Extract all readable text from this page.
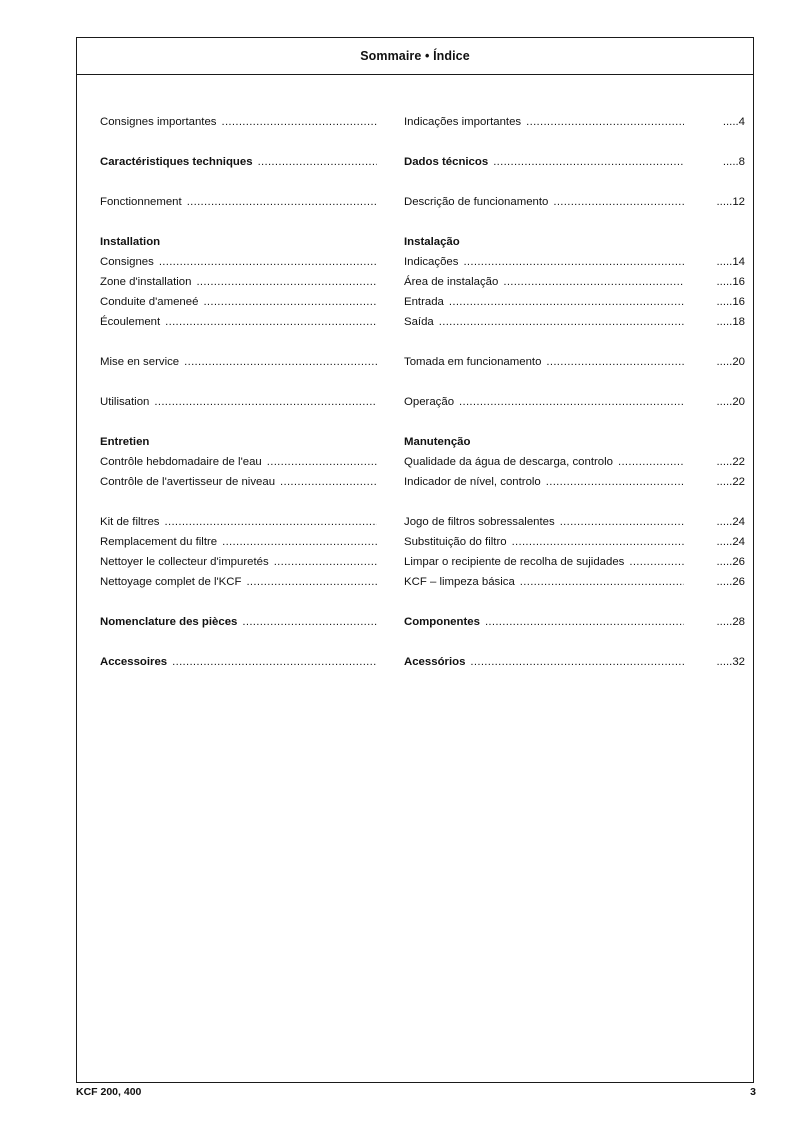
Sommaire • Índice
Consignes importantes .....	Indicações importantes .....	.....4
Caractéristiques techniques .....	Dados técnicos .....	.....8
Fonctionnement .....	Descrição de funcionamento .....	.....12
Installation	Instalação
Consignes .....	Indicações .....	.....14
Zone d'installation .....	Área de instalação .....	.....16
Conduite d'ameneé .....	Entrada .....	.....16
Écoulement .....	Saída .....	.....18
Mise en service .....	Tomada em funcionamento .....	.....20
Utilisation .....	Operação .....	.....20
Entretien	Manutenção
Contrôle hebdomadaire de l'eau .....	Qualidade da água de descarga, controlo .....	.....22
Contrôle de l'avertisseur de niveau .....	Indicador de nível, controlo .....	.....22
Kit de filtres .....	Jogo de filtros sobressalentes .....	.....24
Remplacement du filtre .....	Substituição do filtro .....	.....24
Nettoyer le collecteur d'impuretés .....	Limpar o recipiente de recolha de sujidades .....	.....26
Nettoyage complet de l'KCF .....	KCF – limpeza básica .....	.....26
Nomenclature des pièces .....	Componentes .....	.....28
Accessoires .....	Acessórios .....	.....32
KCF 200, 400	3
